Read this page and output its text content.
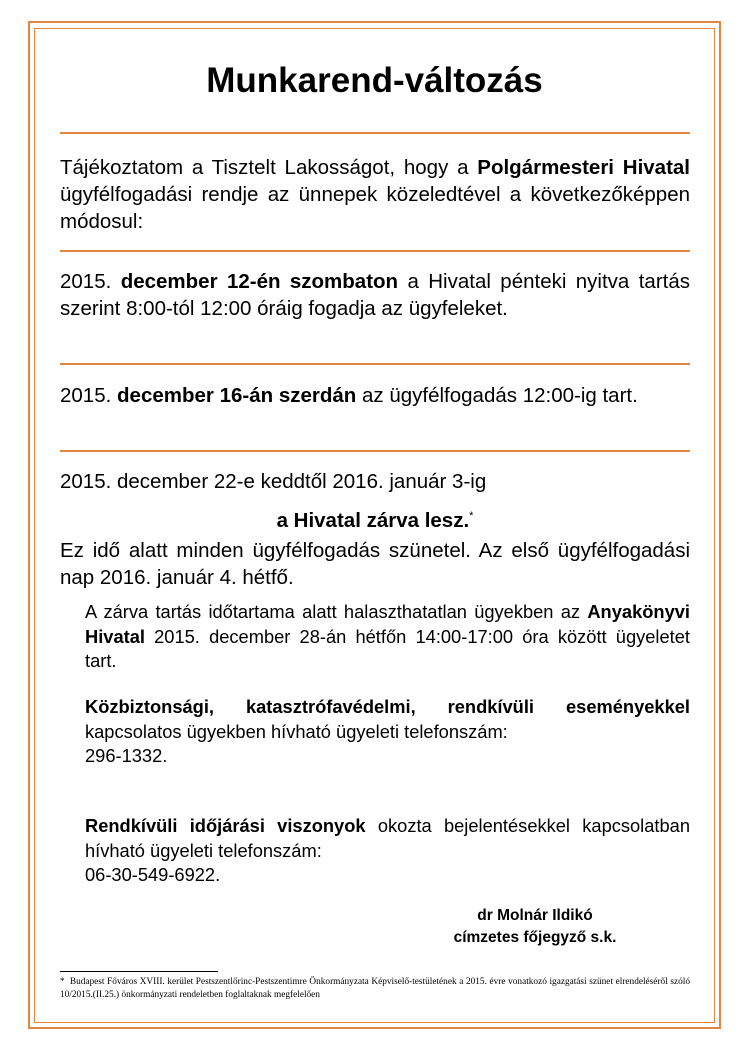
Munkarend-változás
Tájékoztatom a Tisztelt Lakosságot, hogy a Polgármesteri Hivatal ügyfélfogadási rendje az ünnepek közeledtével a következőképpen módosul:
2015. december 12-én szombaton a Hivatal pénteki nyitva tartás szerint 8:00-tól 12:00 óráig fogadja az ügyfeleket.
2015. december 16-án szerdán az ügyfélfogadás 12:00-ig tart.
2015. december 22-e keddtől 2016. január 3-ig
a Hivatal zárva lesz.*
Ez idő alatt minden ügyfélfogadás szünetel. Az első ügyfélfogadási nap 2016. január 4. hétfő.
A zárva tartás időtartama alatt halaszthatatlan ügyekben az Anyakönyvi Hivatal 2015. december 28-án hétfőn 14:00-17:00 óra között ügyeletet tart.
Közbiztonsági, katasztrófavédelmi, rendkívüli eseményekkel kapcsolatos ügyekben hívható ügyeleti telefonszám:
296-1332.
Rendkívüli időjárási viszonyok okozta bejelentésekkel kapcsolatban hívható ügyeleti telefonszám:
06-30-549-6922.
dr Molnár Ildikó
címzetes főjegyző s.k.
* Budapest Főváros XVIII. kerület Pestszentlőrinc-Pestszentimre Önkormányzata Képviselő-testületének a 2015. évre vonatkozó igazgatási szünet elrendeléséről szóló 10/2015.(II.25.) önkormányzati rendeletben foglaltaknak megfelelően
